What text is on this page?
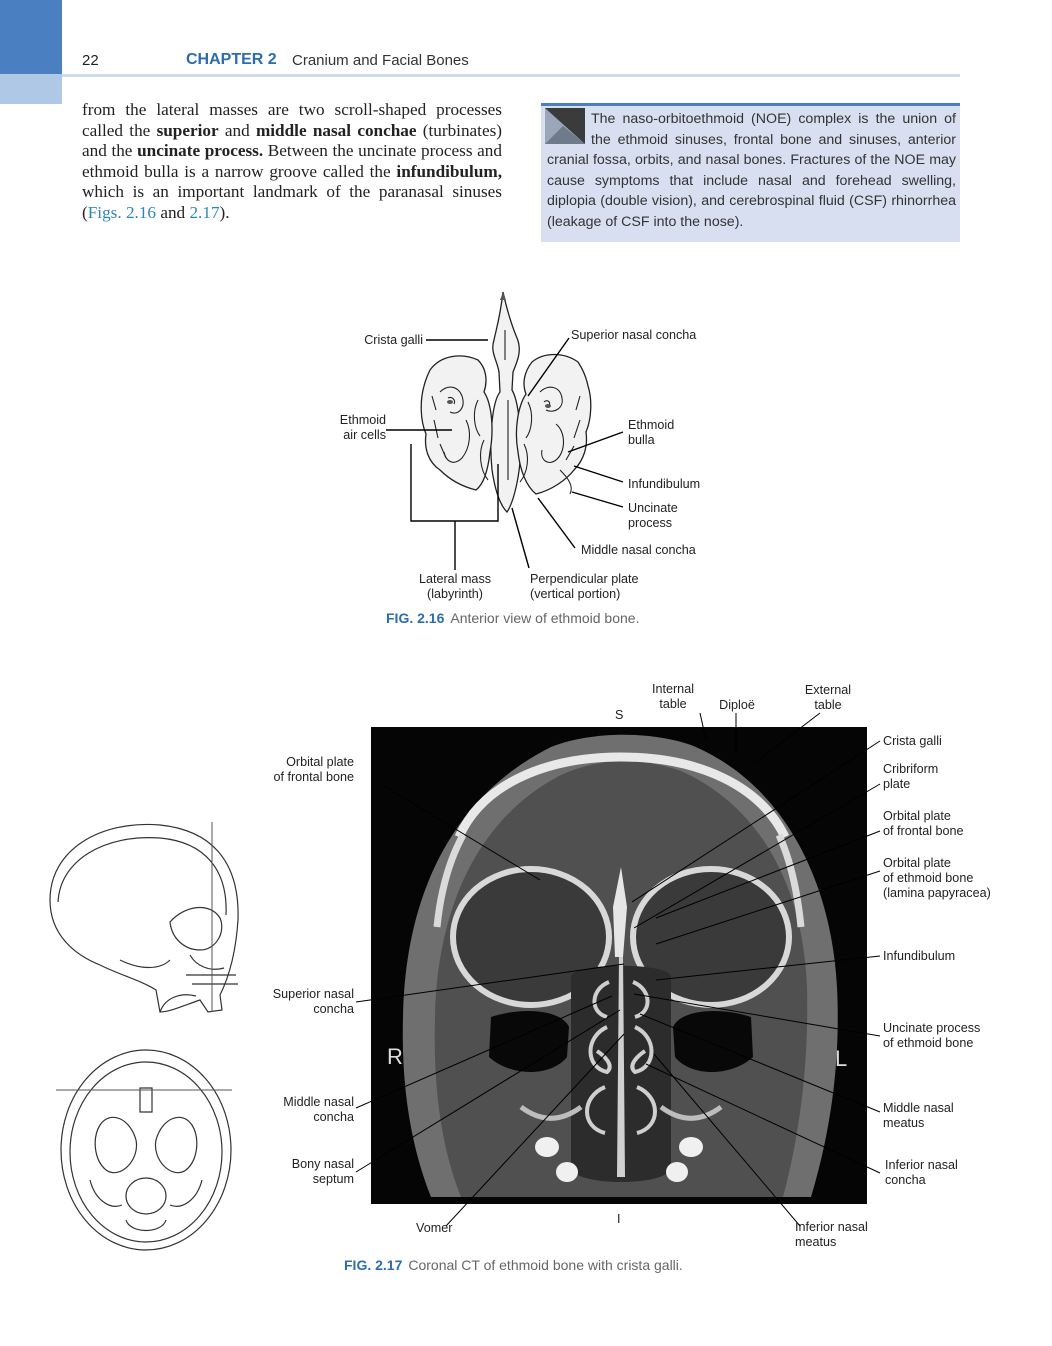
22	CHAPTER 2 Cranium and Facial Bones
from the lateral masses are two scroll-shaped processes called the superior and middle nasal conchae (turbinates) and the uncinate process. Between the uncinate process and ethmoid bulla is a narrow groove called the infundibulum, which is an important landmark of the paranasal sinuses (Figs. 2.16 and 2.17).
The naso-orbitoethmoid (NOE) complex is the union of the ethmoid sinuses, frontal bone and sinuses, anterior cranial fossa, orbits, and nasal bones. Fractures of the NOE may cause symptoms that include nasal and forehead swelling, diplopia (double vision), and cerebrospinal fluid (CSF) rhinorrhea (leakage of CSF into the nose).
Crista galli	Superior nasal concha
Ethmoid
air cells
Ethmoid
bulla
Infundibulum
Uncinate
process
Middle nasal concha
Lateral mass
(labyrinth)
Perpendicular plate
(vertical portion)
FIG. 2.16 Anterior view of ethmoid bone.
R	L
S
I
Internal
table	Diploë
External
table
Orbital plate
of frontal bone
Superior nasal
concha
Middle nasal
concha
Bony nasal
septum
Vomer
Crista galli
Cribriform
plate
Orbital plate
of frontal bone
Orbital plate
of ethmoid bone
(lamina papyracea)
Infundibulum
Uncinate process
of ethmoid bone
Middle nasal
meatus
Inferior nasal
concha
Inferior nasal
meatus
FIG. 2.17 Coronal CT of ethmoid bone with crista galli.
